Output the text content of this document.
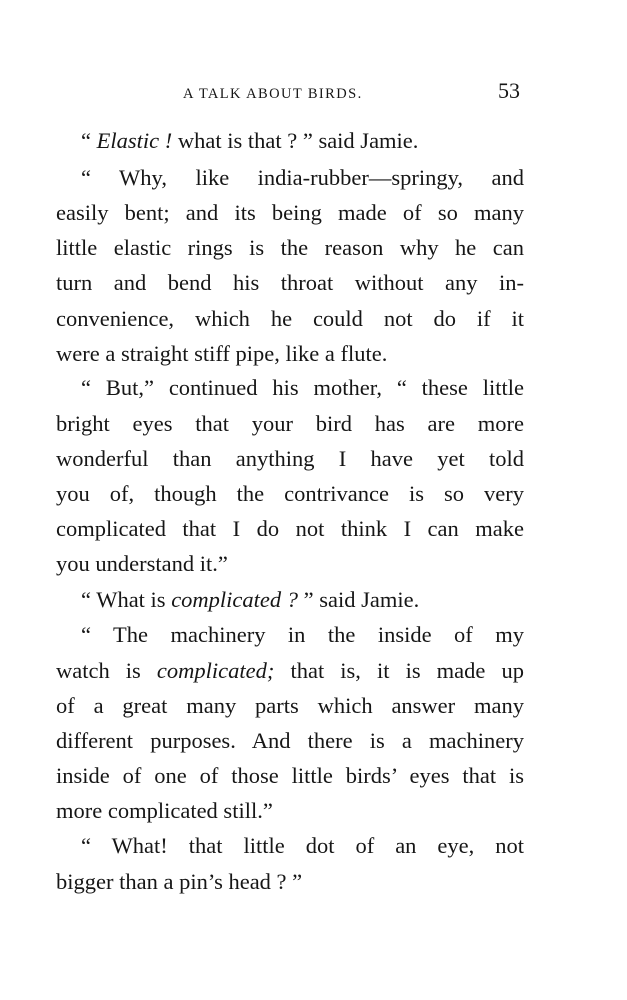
A TALK ABOUT BIRDS.	53
“ Elastic ! what is that ? ” said Jamie.
“ Why, like india-rubber—springy, and
easily bent; and its being made of so many
little elastic rings is the reason why he can
turn and bend his throat without any in-
convenience, which he could not do if it
were a straight stiff pipe, like a flute.
“ But,” continued his mother, “ these little
bright eyes that your bird has are more
wonderful than anything I have yet told
you of, though the contrivance is so very
complicated that I do not think I can make
you understand it.”
“ What is complicated ? ” said Jamie.
“ The machinery in the inside of my
watch is complicated; that is, it is made up
of a great many parts which answer many
different purposes. And there is a machinery
inside of one of those little birds’ eyes that is
more complicated still.”
“ What! that little dot of an eye, not
bigger than a pin’s head ? ”
